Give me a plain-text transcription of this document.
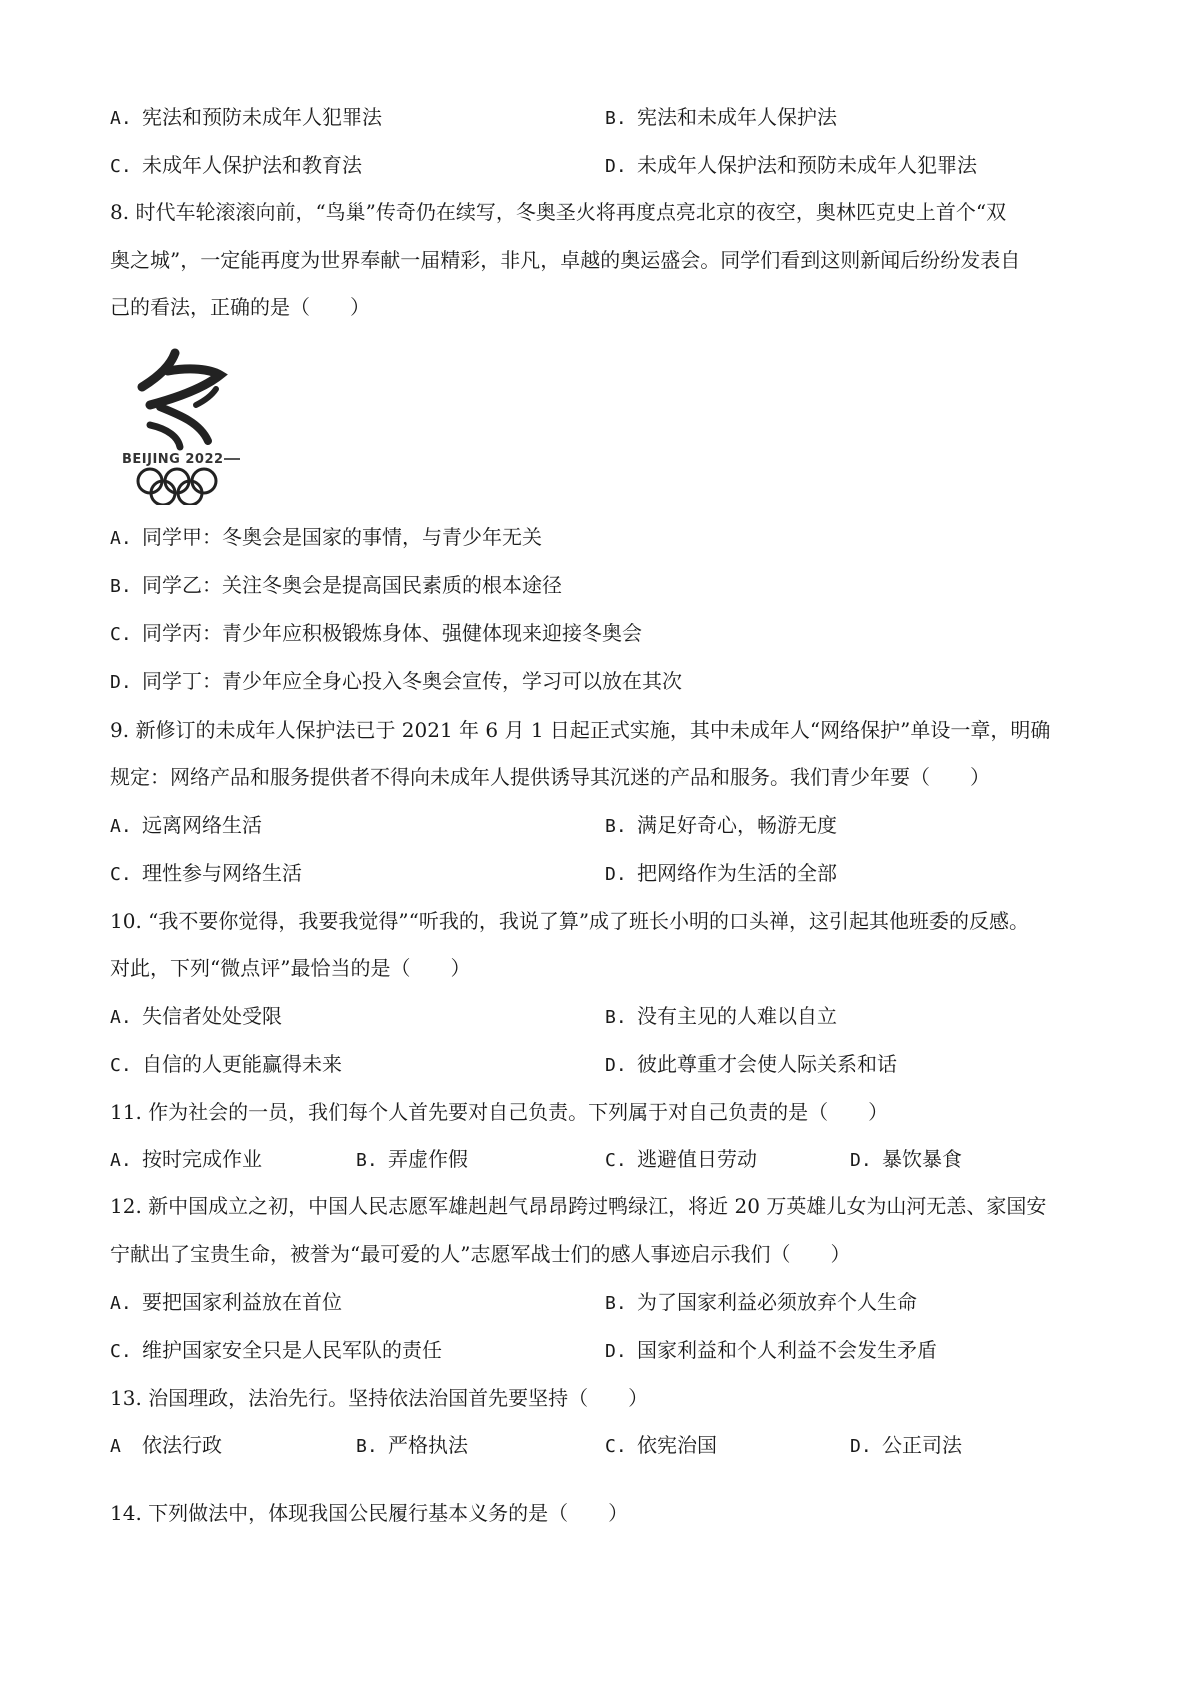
A. 宪法和预防未成年人犯罪法	B. 宪法和未成年人保护法
C. 未成年人保护法和教育法	D. 未成年人保护法和预防未成年人犯罪法
8. 时代车轮滚滚向前，“鸟巢”传奇仍在续写，冬奥圣火将再度点亮北京的夜空，奥林匹克史上首个“双
奥之城”，一定能再度为世界奉献一届精彩，非凡，卓越的奥运盛会。同学们看到这则新闻后纷纷发表自
己的看法，正确的是（　　）
BEIJING 2022
A. 同学甲：冬奥会是国家的事情，与青少年无关
B. 同学乙：关注冬奥会是提高国民素质的根本途径
C. 同学丙：青少年应积极锻炼身体、强健体现来迎接冬奥会
D. 同学丁：青少年应全身心投入冬奥会宣传，学习可以放在其次
9. 新修订的未成年人保护法已于 2021 年 6 月 1 日起正式实施，其中未成年人“网络保护”单设一章，明确
规定：网络产品和服务提供者不得向未成年人提供诱导其沉迷的产品和服务。我们青少年要（　　）
A. 远离网络生活	B. 满足好奇心，畅游无度
C. 理性参与网络生活	D. 把网络作为生活的全部
10. “我不要你觉得，我要我觉得”“听我的，我说了算”成了班长小明的口头禅，这引起其他班委的反感。
对此，下列“微点评”最恰当的是（　　）
A. 失信者处处受限	B. 没有主见的人难以自立
C. 自信的人更能赢得未来	D. 彼此尊重才会使人际关系和话
11. 作为社会的一员，我们每个人首先要对自己负责。下列属于对自己负责的是（　　）
A. 按时完成作业	B. 弄虚作假	C. 逃避值日劳动	D. 暴饮暴食
12. 新中国成立之初，中国人民志愿军雄赳赳气昂昂跨过鸭绿江，将近 20 万英雄儿女为山河无恙、家国安
宁献出了宝贵生命，被誉为“最可爱的人”志愿军战士们的感人事迹启示我们（　　）
A. 要把国家利益放在首位	B. 为了国家利益必须放弃个人生命
C. 维护国家安全只是人民军队的责任	D. 国家利益和个人利益不会发生矛盾
13. 治国理政，法治先行。坚持依法治国首先要坚持（　　）
A 依法行政	B. 严格执法	C. 依宪治国	D. 公正司法
14. 下列做法中，体现我国公民履行基本义务的是（　　）
